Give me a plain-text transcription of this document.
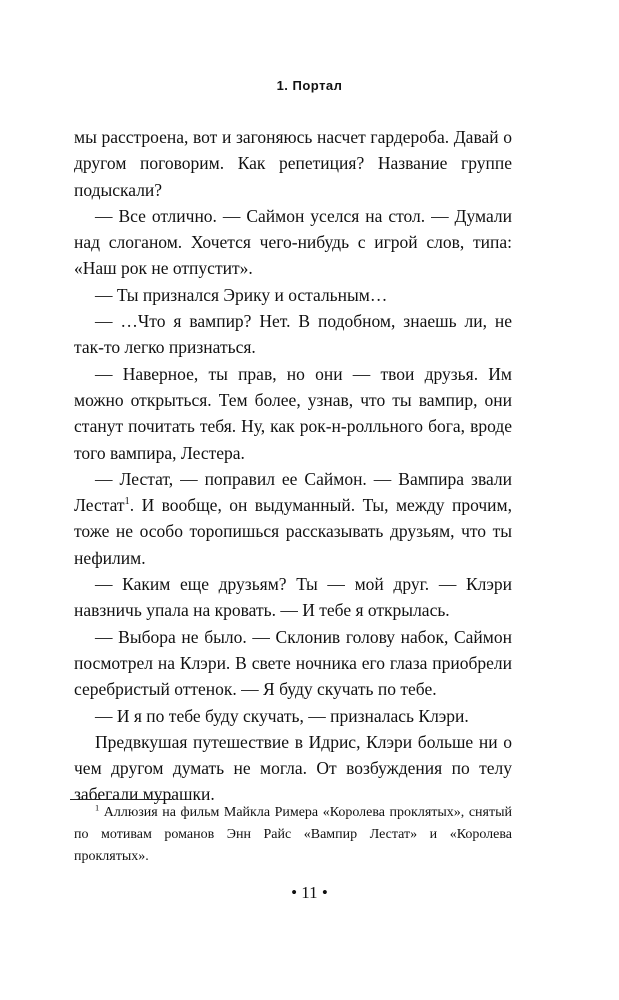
1. Портал

мы расстроена, вот и загоняюсь насчет гардероба. Давай о другом поговорим. Как репетиция? Название группе подыскали?

— Все отлично. — Саймон уселся на стол. — Думали над слоганом. Хочется чего-нибудь с игрой слов, типа: «Наш рок не отпустит».

— Ты признался Эрику и остальным…

— …Что я вампир? Нет. В подобном, знаешь ли, не так-то легко признаться.

— Наверное, ты прав, но они — твои друзья. Им можно открыться. Тем более, узнав, что ты вампир, они станут почитать тебя. Ну, как рок-н-ролльного бога, вроде того вампира, Лестера.

— Лестат, — поправил ее Саймон. — Вампира звали Лестат$^1$. И вообще, он выдуманный. Ты, между прочим, тоже не особо торопишься рассказывать друзьям, что ты нефилим.

— Каким еще друзьям? Ты — мой друг. — Клэри навзничь упала на кровать. — И тебе я открылась.

— Выбора не было. — Склонив голову набок, Саймон посмотрел на Клэри. В свете ночника его глаза приобрели серебристый оттенок. — Я буду скучать по тебе.

— И я по тебе буду скучать, — призналась Клэри.

Предвкушая путешествие в Идрис, Клэри больше ни о чем другом думать не могла. От возбуждения по телу забегали мурашки.

$^1$ Аллюзия на фильм Майкла Римера «Королева проклятых», снятый по мотивам романов Энн Райс «Вампир Лестат» и «Королева проклятых».

• 11 •
